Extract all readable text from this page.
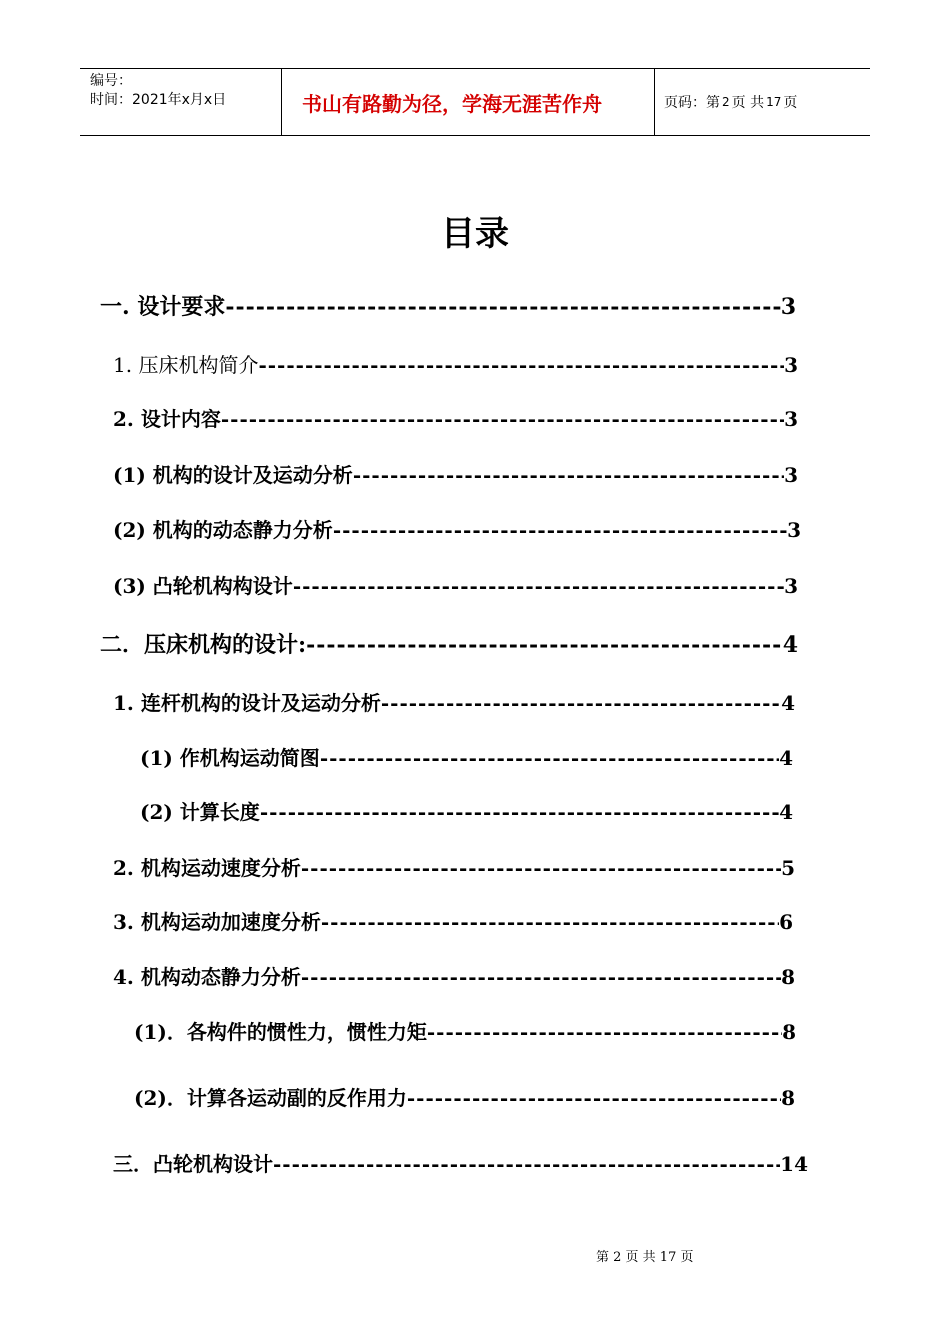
编号：
时间：2021年x月x日	书山有路勤为径，学海无涯苦作舟	页码：第 2 页 共 17 页
目录
一. 设计要求 -----	3
1. 压床机构简介 -----	3
2. 设计内容 -----	3
(1) 机构的设计及运动分析 -----	3
(2) 机构的动态静力分析 -----	3
(3) 凸轮机构构设计 -----	3
二．压床机构的设计: -----	4
1. 连杆机构的设计及运动分析 -----	4
(1) 作机构运动简图 -----	4
(2) 计算长度 -----	4
2. 机构运动速度分析 -----	5
3. 机构运动加速度分析 -----	6
4. 机构动态静力分析 -----	8
(1)．各构件的惯性力，惯性力矩 -----	8
(2)．计算各运动副的反作用力 -----	8
三．凸轮机构设计 -----	14
第 2 页 共 17 页
